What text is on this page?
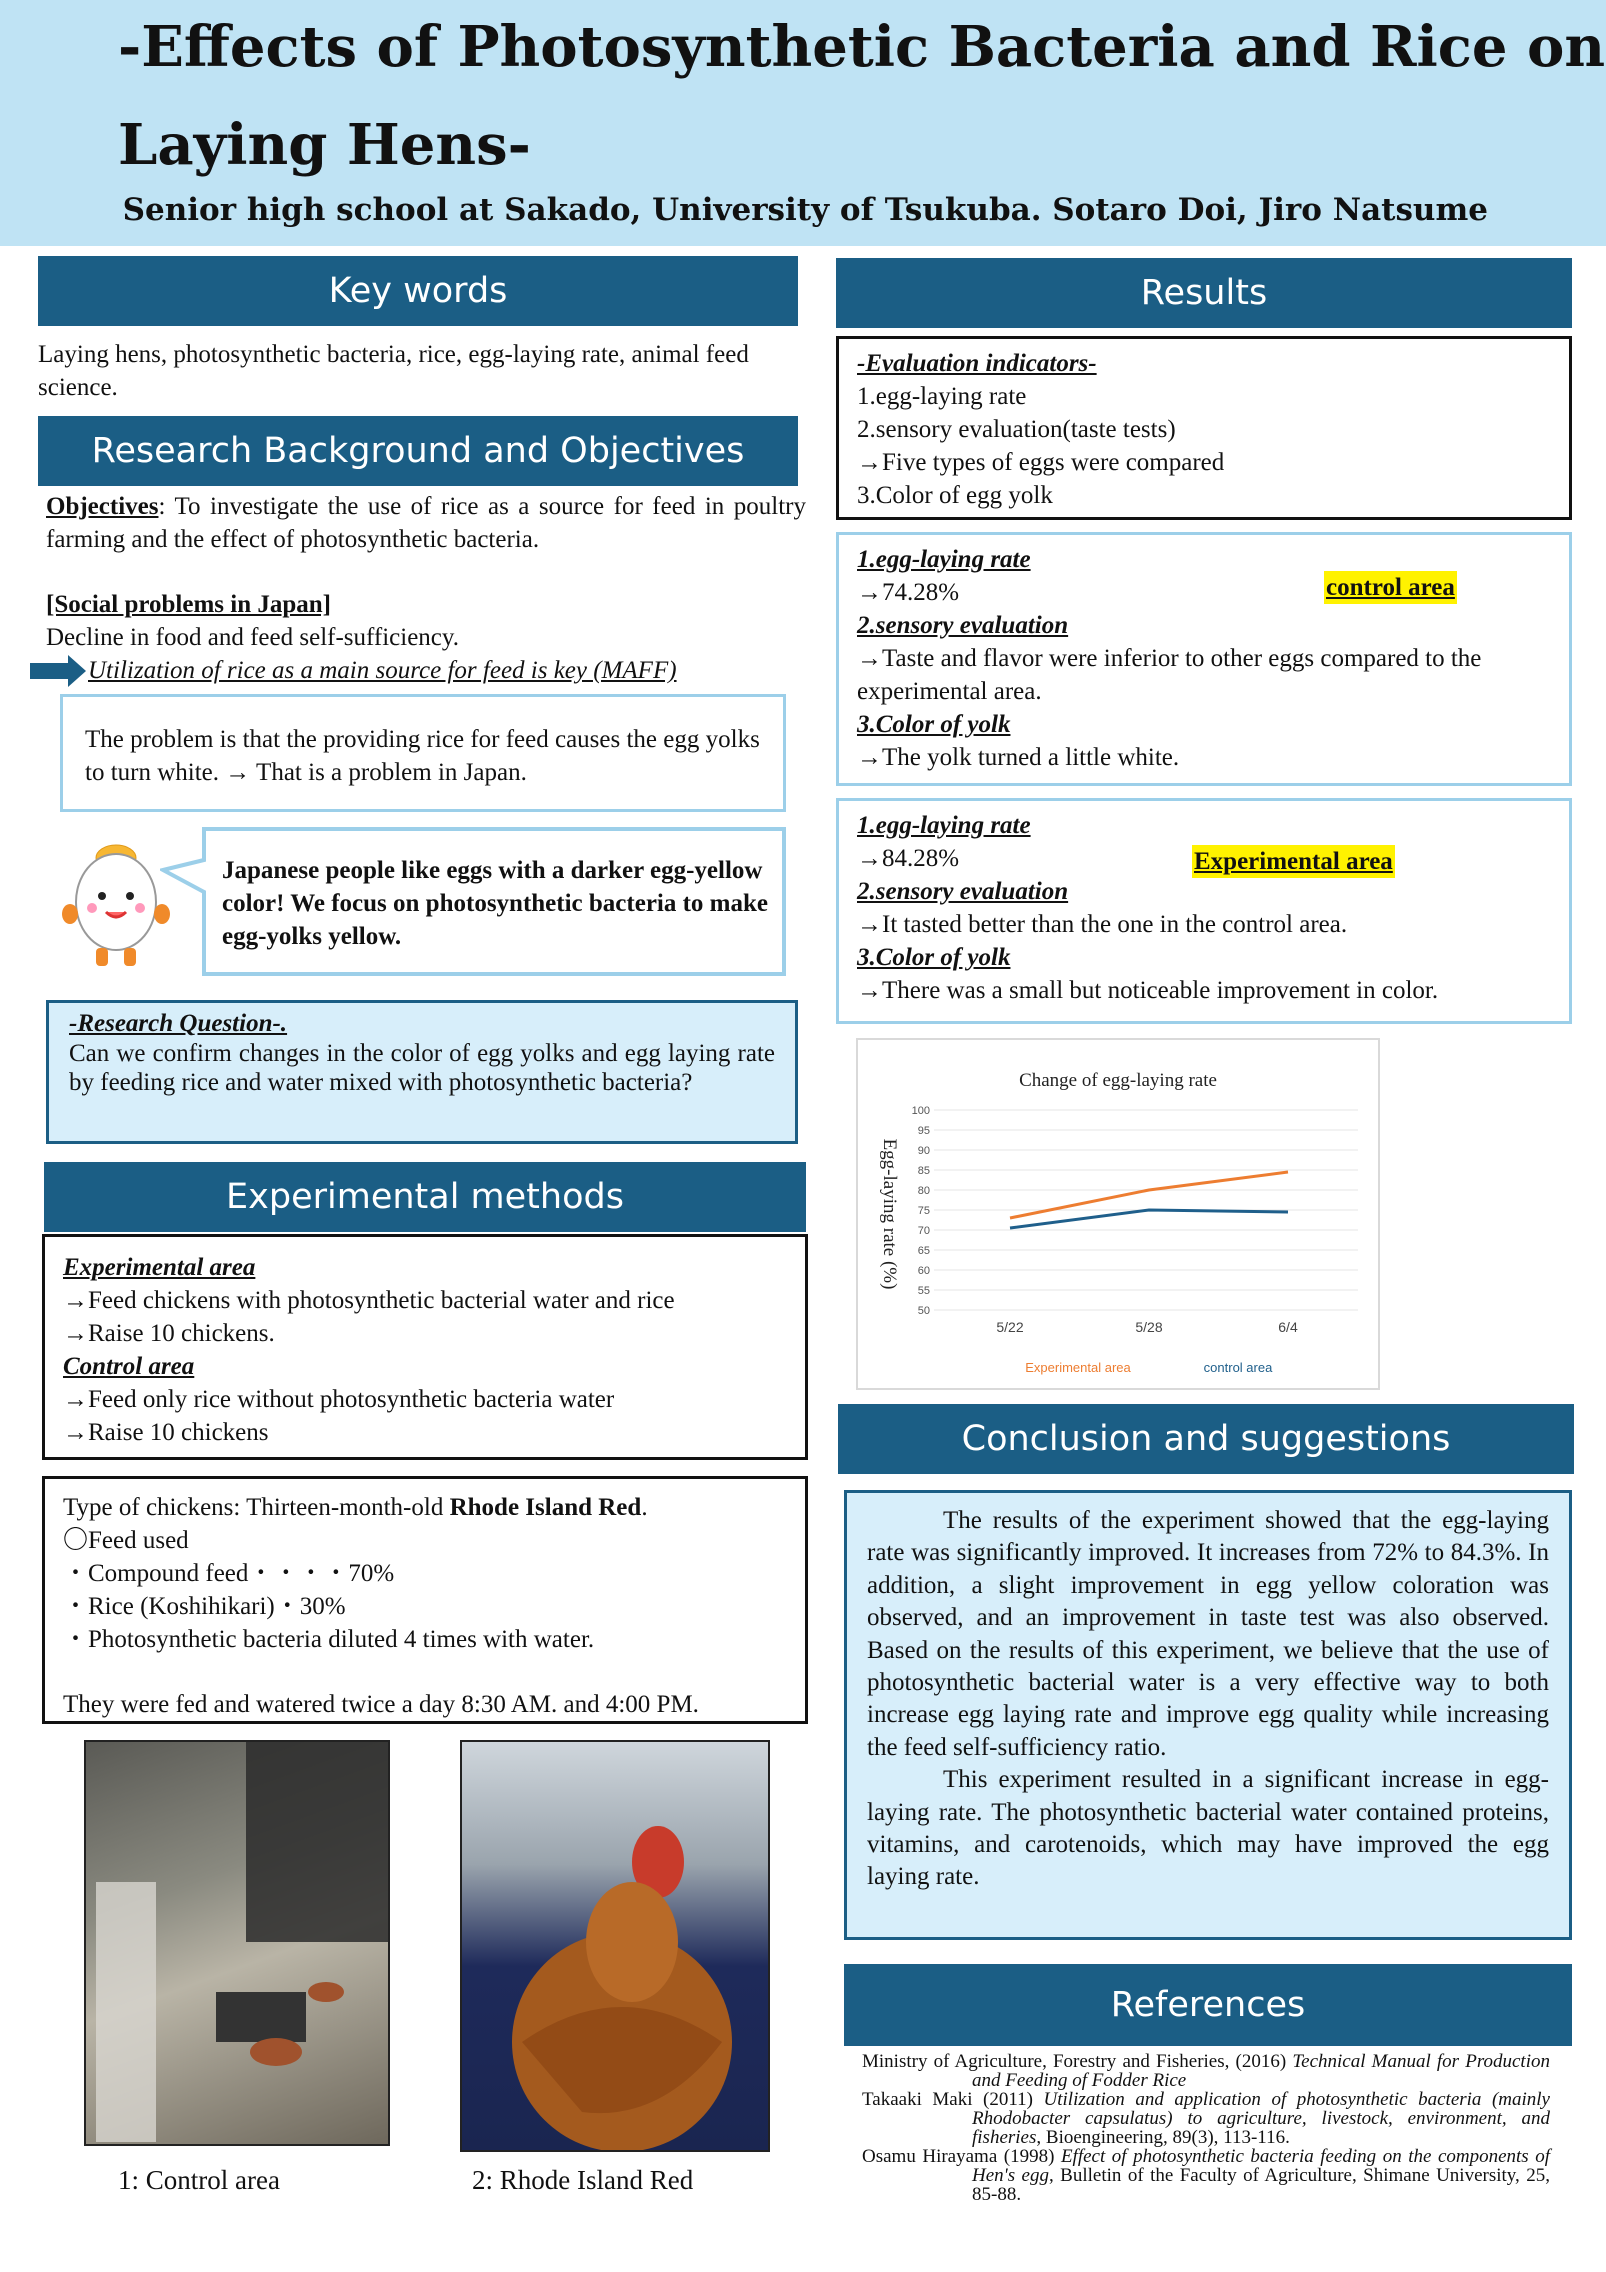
-Effects of Photosynthetic Bacteria and Rice on
Laying Hens-
Senior high school at Sakado, University of Tsukuba. Sotaro Doi, Jiro Natsume
Key words
Laying hens, photosynthetic bacteria, rice, egg-laying rate, animal feed science.
Research Background and Objectives
Objectives: To investigate the use of rice as a source for feed in poultry farming and the effect of photosynthetic bacteria.
[Social problems in Japan]
Decline in food and feed self-sufficiency.
Utilization of rice as a main source for feed is key (MAFF)
The problem is that the providing rice for feed causes the egg yolks to turn white. → That is a problem in Japan.
Japanese people like eggs with a darker egg-yellow color! We focus on photosynthetic bacteria to make egg-yolks yellow.
-Research Question-.
Can we confirm changes in the color of egg yolks and egg laying rate by feeding rice and water mixed with photosynthetic bacteria?
Experimental methods
Experimental area
→Feed chickens with photosynthetic bacterial water and rice
→Raise 10 chickens.
Control area
→Feed only rice without photosynthetic bacteria water
→Raise 10 chickens
Type of chickens: Thirteen-month-old Rhode Island Red.
〇Feed used
・Compound feed・・・・70%
・Rice (Koshihikari)・30%
・Photosynthetic bacteria diluted 4 times with water.
They were fed and watered twice a day 8:30 AM. and 4:00 PM.
1: Control area	2: Rhode Island Red
Results
-Evaluation indicators-
1.egg-laying rate
2.sensory evaluation(taste tests)
→Five types of eggs were compared
3.Color of egg yolk
1.egg-laying rate
→74.28%
2.sensory evaluation
→Taste and flavor were inferior to other eggs compared to the experimental area.
3.Color of yolk
→The yolk turned a little white.
control area
1.egg-laying rate
→84.28%
2.sensory evaluation
→It tasted better than the one in the control area.
3.Color of yolk
→There was a small but noticeable improvement in color.
Experimental area
Change of egg-laying rate
Egg-laying rate (%)
100
95
90
85
80
75
70
65
60
55
50
5/22	5/28	6/4
Experimental area	control area
Conclusion and suggestions
The results of the experiment showed that the egg-laying rate was significantly improved. It increases from 72% to 84.3%. In addition, a slight improvement in egg yellow coloration was observed, and an improvement in taste test was also observed. Based on the results of this experiment, we believe that the use of photosynthetic bacterial water is a very effective way to both increase egg laying rate and improve egg quality while increasing the feed self-sufficiency ratio.
This experiment resulted in a significant increase in egg-laying rate. The photosynthetic bacterial water contained proteins, vitamins, and carotenoids, which may have improved the egg laying rate.
References
Ministry of Agriculture, Forestry and Fisheries, (2016) Technical Manual for Production and Feeding of Fodder Rice
Takaaki Maki (2011) Utilization and application of photosynthetic bacteria (mainly Rhodobacter capsulatus) to agriculture, livestock, environment, and fisheries, Bioengineering, 89(3), 113-116.
Osamu Hirayama (1998) Effect of photosynthetic bacteria feeding on the components of Hen's egg, Bulletin of the Faculty of Agriculture, Shimane University, 25, 85-88.
